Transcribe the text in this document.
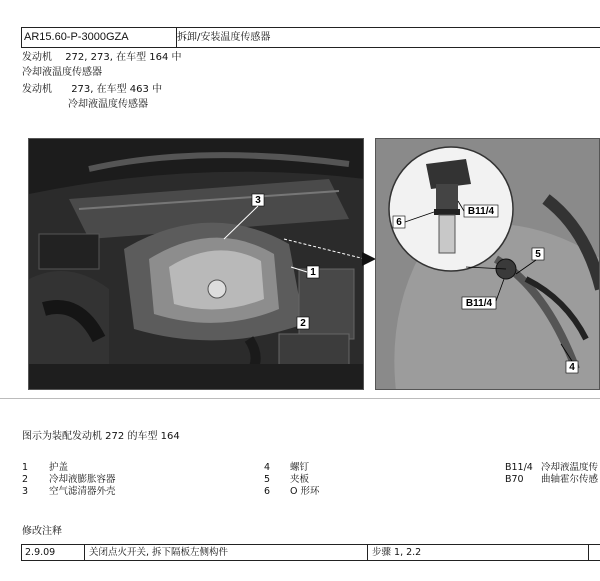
AR15.60-P-3000GZA	拆卸/安装温度传感器
发动机 272, 273, 在车型 164 中
冷却液温度传感器
发动机 273, 在车型 463 中
冷却液温度传感器
3
1
2
6
B11/4
5
B11/4
4
图示为装配发动机 272 的车型 164
1 护盖
2 冷却液膨胀容器
3 空气滤清器外壳
4 螺钉
5 夹板
6 O 形环
B11/4 冷却液温度传
B70 曲轴霍尔传感
修改注释
2.9.09	关闭点火开关, 拆下隔板左侧构件	步骤 1, 2.2
